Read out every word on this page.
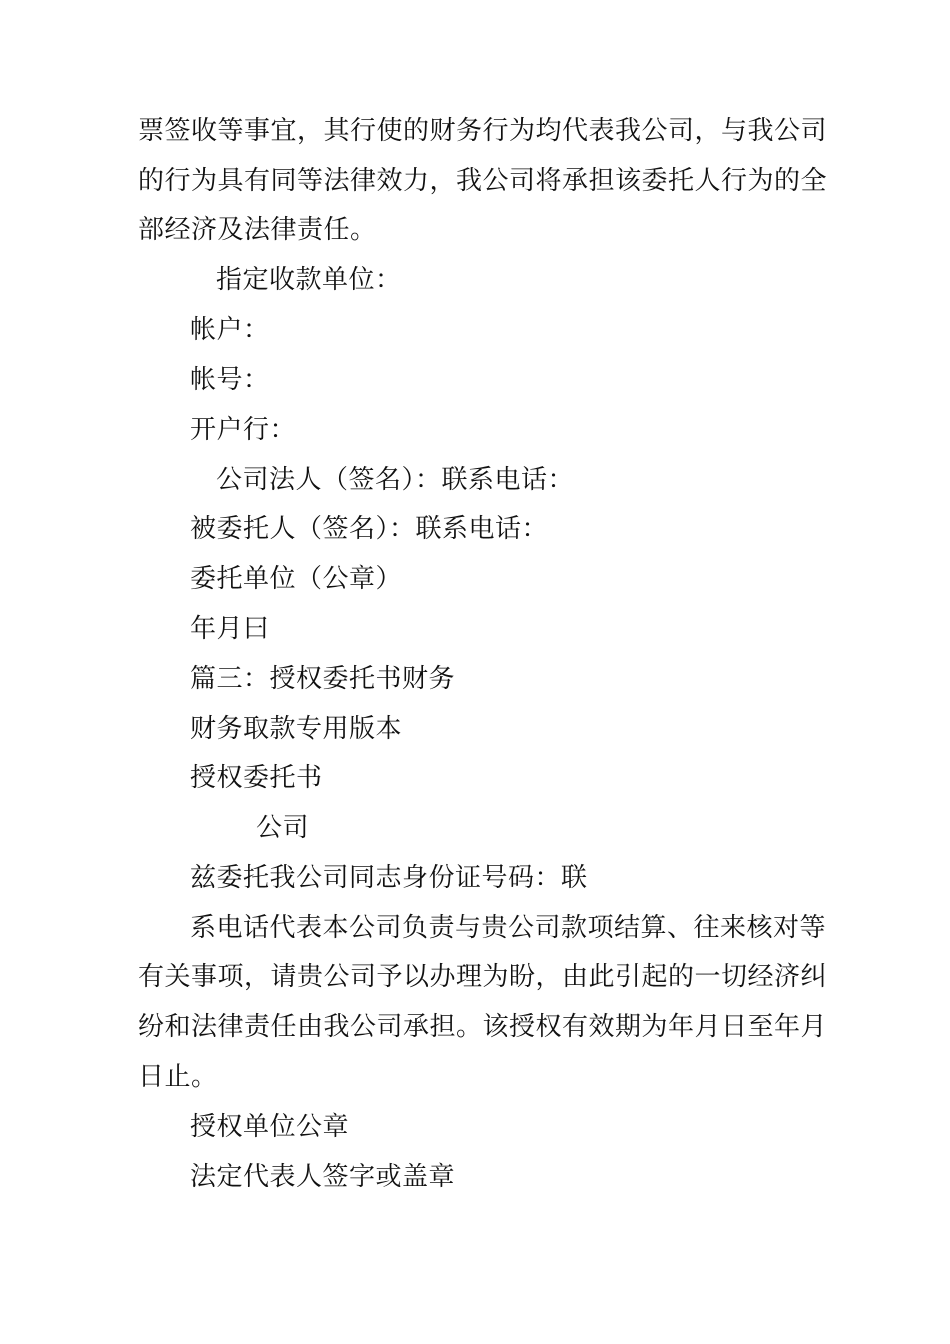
票签收等事宜，其行使的财务行为均代表我公司，与我公司
的行为具有同等法律效力，我公司将承担该委托人行为的全
部经济及法律责任。
指定收款单位：
帐户：
帐号：
开户行：
公司法人（签名）：联系电话：
被委托人（签名）：联系电话：
委托单位（公章）
年月曰
篇三：授权委托书财务
财务取款专用版本
授权委托书
公司
兹委托我公司同志身份证号码：联
系电话代表本公司负责与贵公司款项结算、往来核对等
有关事项，请贵公司予以办理为盼，由此引起的一切经济纠
纷和法律责任由我公司承担。该授权有效期为年月日至年月
日止。
授权单位公章
法定代表人签字或盖章
